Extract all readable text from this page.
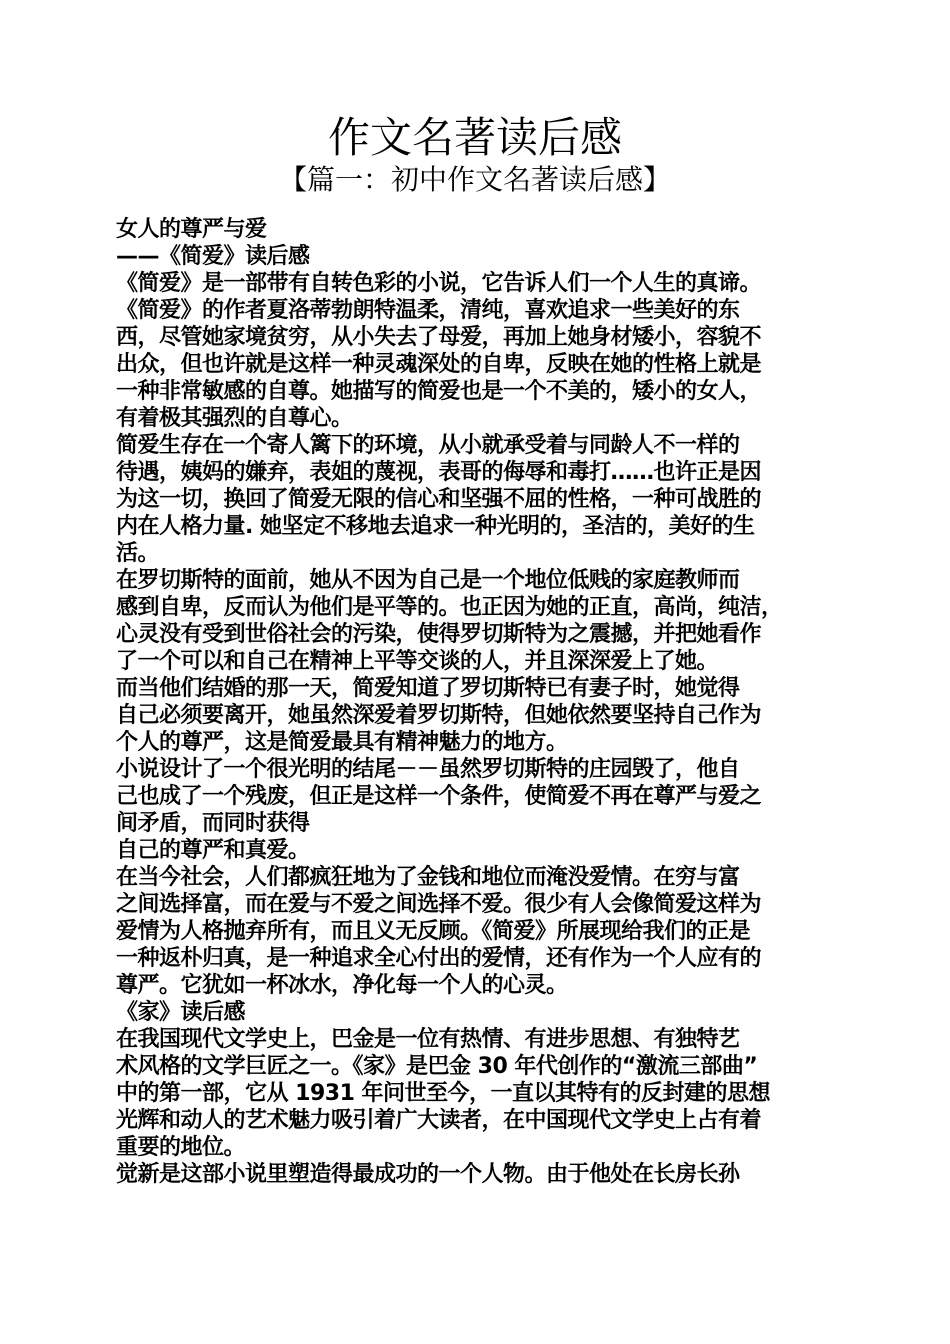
作文名著读后感
【篇一：初中作文名著读后感】
女人的尊严与爱
——《简爱》读后感
《简爱》是一部带有自转色彩的小说，它告诉人们一个人生的真谛。
《简爱》的作者夏洛蒂勃朗特温柔，清纯，喜欢追求一些美好的东
西，尽管她家境贫穷，从小失去了母爱，再加上她身材矮小，容貌不
出众，但也许就是这样一种灵魂深处的自卑，反映在她的性格上就是
一种非常敏感的自尊。她描写的简爱也是一个不美的，矮小的女人，
有着极其强烈的自尊心。
简爱生存在一个寄人篱下的环境，从小就承受着与同龄人不一样的
待遇，姨妈的嫌弃，表姐的蔑视，表哥的侮辱和毒打……也许正是因
为这一切，换回了简爱无限的信心和坚强不屈的性格，一种可战胜的
内在人格力量. 她坚定不移地去追求一种光明的，圣洁的，美好的生
活。
在罗切斯特的面前，她从不因为自己是一个地位低贱的家庭教师而
感到自卑，反而认为他们是平等的。也正因为她的正直，高尚，纯洁，
心灵没有受到世俗社会的污染，使得罗切斯特为之震撼，并把她看作
了一个可以和自己在精神上平等交谈的人，并且深深爱上了她。
而当他们结婚的那一天，简爱知道了罗切斯特已有妻子时，她觉得
自己必须要离开，她虽然深爱着罗切斯特，但她依然要坚持自己作为
个人的尊严，这是简爱最具有精神魅力的地方。
小说设计了一个很光明的结尾－－虽然罗切斯特的庄园毁了，他自
己也成了一个残废，但正是这样一个条件，使简爱不再在尊严与爱之
间矛盾，而同时获得
自己的尊严和真爱。
在当今社会，人们都疯狂地为了金钱和地位而淹没爱情。在穷与富
之间选择富，而在爱与不爱之间选择不爱。很少有人会像简爱这样为
爱情为人格抛弃所有，而且义无反顾。《简爱》所展现给我们的正是
一种返朴归真，是一种追求全心付出的爱情，还有作为一个人应有的
尊严。它犹如一杯冰水，净化每一个人的心灵。
《家》读后感
在我国现代文学史上，巴金是一位有热情、有进步思想、有独特艺
术风格的文学巨匠之一。《家》是巴金 30 年代创作的“激流三部曲”
中的第一部，它从 1931 年问世至今，一直以其特有的反封建的思想
光辉和动人的艺术魅力吸引着广大读者，在中国现代文学史上占有着
重要的地位。
觉新是这部小说里塑造得最成功的一个人物。由于他处在长房长孙
